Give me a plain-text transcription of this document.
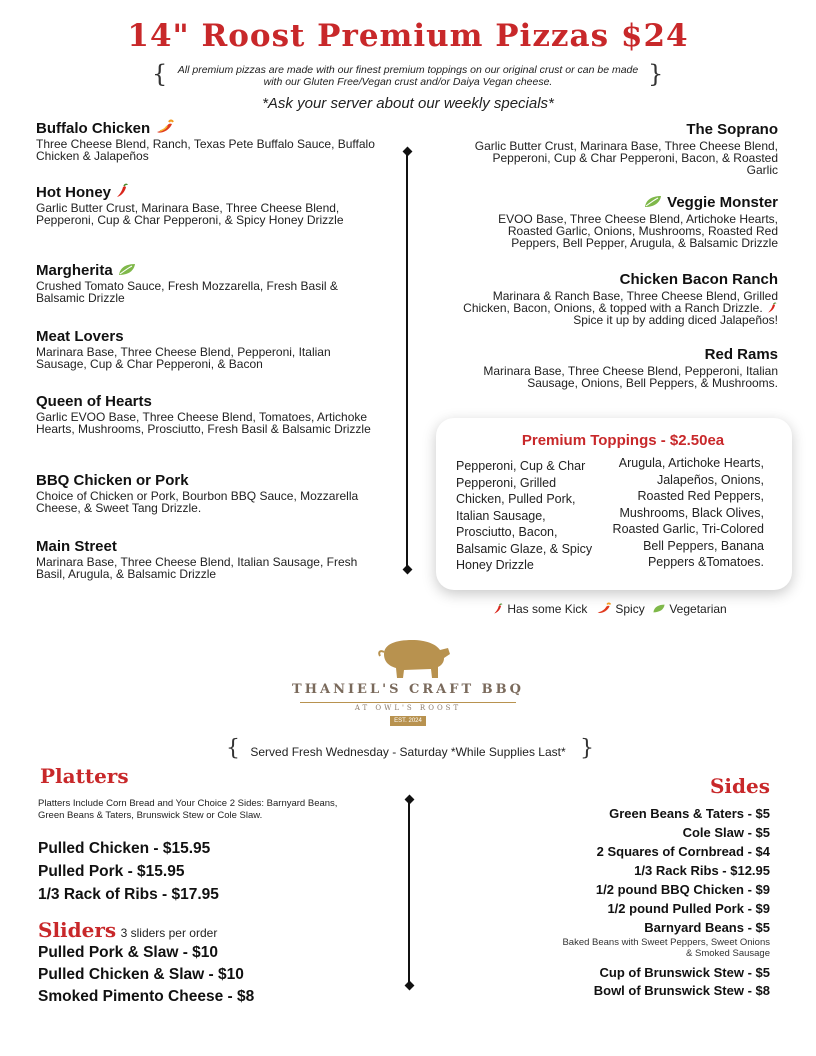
14" Roost Premium Pizzas $24
{	}
All premium pizzas are made with our finest premium toppings on our original crust or can be made
with our Gluten Free/Vegan crust and/or Daiya Vegan cheese.
*Ask your server about our weekly specials*
Buffalo Chicken
Three Cheese Blend, Ranch, Texas Pete Buffalo Sauce, Buffalo Chicken & Jalapeños
Hot Honey
Garlic Butter Crust, Marinara Base, Three Cheese Blend, Pepperoni, Cup & Char Pepperoni, & Spicy Honey Drizzle
Margherita
Crushed Tomato Sauce, Fresh Mozzarella, Fresh Basil & Balsamic Drizzle
Meat Lovers
Marinara Base, Three Cheese Blend, Pepperoni, Italian Sausage, Cup & Char Pepperoni, & Bacon
Queen of Hearts
Garlic EVOO Base, Three Cheese Blend, Tomatoes, Artichoke Hearts, Mushrooms, Prosciutto, Fresh Basil & Balsamic Drizzle
BBQ Chicken or Pork
Choice of Chicken or Pork, Bourbon BBQ Sauce, Mozzarella Cheese, & Sweet Tang Drizzle.
Main Street
Marinara Base, Three Cheese Blend, Italian Sausage, Fresh Basil, Arugula, & Balsamic Drizzle
The Soprano
Garlic Butter Crust, Marinara Base, Three Cheese Blend, Pepperoni, Cup & Char Pepperoni, Bacon, & Roasted Garlic
Veggie Monster
EVOO Base, Three Cheese Blend, Artichoke Hearts, Roasted Garlic, Onions, Mushrooms, Roasted Red Peppers, Bell Pepper, Arugula, & Balsamic Drizzle
Chicken Bacon Ranch
Marinara & Ranch Base, Three Cheese Blend, Grilled Chicken, Bacon, Onions, & topped with a Ranch Drizzle.  Spice it up by adding diced Jalapeños!
Red Rams
Marinara Base, Three Cheese Blend, Pepperoni, Italian Sausage, Onions, Bell Peppers, & Mushrooms.
Premium Toppings - $2.50ea
Pepperoni, Cup & Char Pepperoni, Grilled Chicken, Pulled Pork, Italian Sausage, Prosciutto, Bacon, Balsamic Glaze, & Spicy Honey Drizzle
Arugula, Artichoke Hearts, Jalapeños, Onions, Roasted Red Peppers, Mushrooms, Black Olives, Roasted Garlic, Tri-Colored Bell Peppers, Banana Peppers &Tomatoes.
Has some Kick	Spicy	Vegetarian
THANIEL'S CRAFT BBQ
AT OWL'S ROOST
EST. 2024
{	}
Served Fresh Wednesday - Saturday *While Supplies Last*
Platters
Platters Include Corn Bread and Your Choice 2 Sides: Barnyard Beans, Green Beans & Taters, Brunswick Stew or Cole Slaw.
Pulled Chicken - $15.95
Pulled Pork - $15.95
1/3 Rack of Ribs - $17.95
Sliders 3 sliders per order
Pulled Pork & Slaw - $10
Pulled Chicken & Slaw - $10
Smoked Pimento Cheese - $8
Sides
Green Beans & Taters - $5
Cole Slaw - $5
2 Squares of Cornbread - $4
1/3 Rack Ribs - $12.95
1/2 pound BBQ Chicken - $9
1/2 pound Pulled Pork - $9
Barnyard Beans - $5
Baked Beans with Sweet Peppers, Sweet Onions & Smoked Sausage
Cup of Brunswick Stew - $5
Bowl of Brunswick Stew - $8
